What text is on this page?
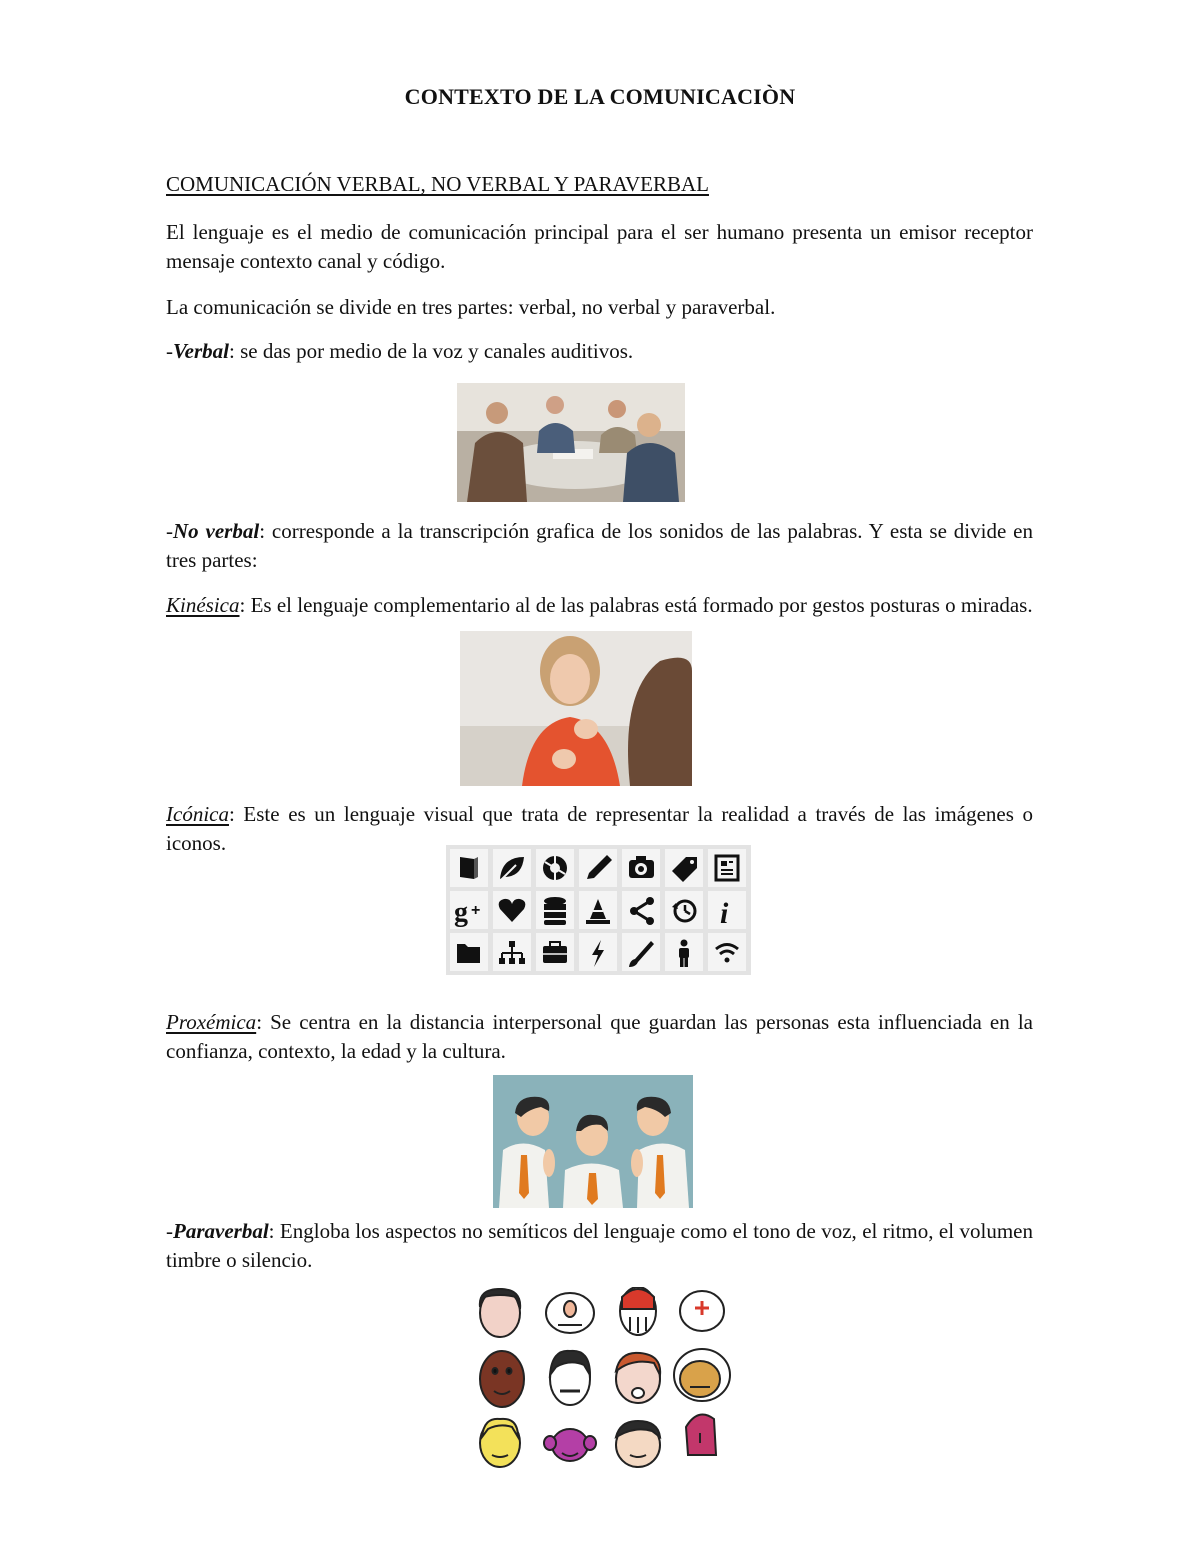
CONTEXTO DE LA COMUNICACIÒN
COMUNICACIÓN VERBAL, NO VERBAL Y PARAVERBAL
El lenguaje es el medio de comunicación principal para el ser humano presenta un emisor receptor mensaje contexto canal y código.
La comunicación se divide en tres partes: verbal, no verbal y paraverbal.
-Verbal: se das por medio de la voz y canales auditivos.
-No verbal: corresponde a la transcripción grafica de los sonidos de las palabras. Y esta se divide en tres partes:
Kinésica: Es el lenguaje complementario al de las palabras está formado por gestos posturas o miradas.
Icónica: Este es un lenguaje visual que trata de representar la realidad a través de las imágenes o iconos.
g +	i
Proxémica: Se centra en la distancia interpersonal que guardan las personas esta influenciada en la confianza, contexto, la edad y la cultura.
-Paraverbal: Engloba los aspectos no semíticos del lenguaje como el tono de voz, el ritmo, el volumen timbre o silencio.
